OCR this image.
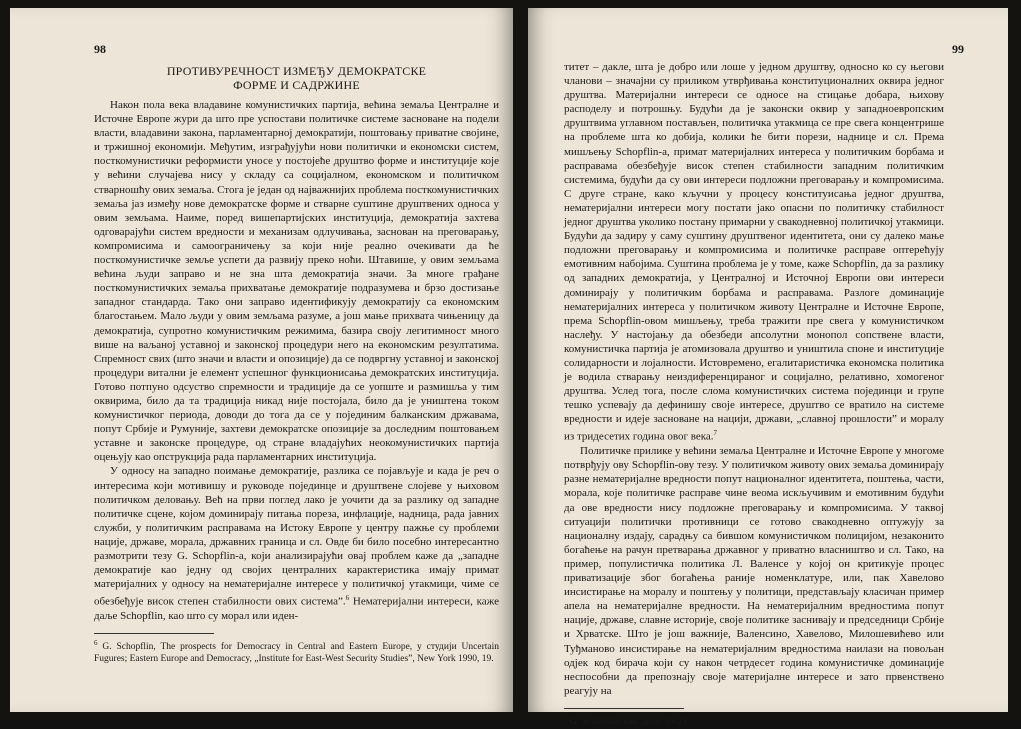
98
ПРОТИВУРЕЧНОСТ ИЗМЕЂУ ДЕМОКРАТСКЕ
ФОРМЕ И САДРЖИНЕ

Након пола века владавине комунистичких партија, већина земаља Централне и Источне Европе жури да што пре успостави политичке системе засноване на подели власти, владавини закона, парламентарној демократији, поштовању приватне својине, и тржишној економији. Међутим, изграђујући нови политички и економски систем, посткомунистички реформисти уносе у постојеће друштво форме и институције које у већини случајева нису у складу са социјалном, економском и политичком стварношћу ових земаља. Стога је један од најважнијих проблема посткомунистичких земаља јаз између нове демократске форме и стварне суштине друштвених односа у овим земљама. Наиме, поред вишепартијских институција, демократија захтева одговарајући систем вредности и механизам одлучивања, заснован на преговарању, компромисима и самоограничењу за који није реално очекивати да ће посткомунистичке земље успети да развију преко ноћи. Штавише, у овим земљама већина људи заправо и не зна шта демократија значи. За многе грађане посткомунистичких земаља прихватање демократије подразумева и брзо достизање западног стандарда. Тако они заправо идентификују демократију са економским благостањем. Мало људи у овим земљама разуме, а још мање прихвата чињеницу да демократија, супротно комунистичким режимима, базира своју легитимност много више на ваљаној уставној и законској процедури него на економским резултатима. Спремност свих (што значи и власти и опозиције) да се подвргну уставној и законској процедури витални је елемент успешног функционисања демократских институција. Готово потпуно одсуство спремности и традиције да се уопште и размишља у тим оквирима, било да та традиција никад није постојала, било да је уништена током комунистичког периода, доводи до тога да се у појединим балканским државама, попут Србије и Румуније, захтеви демократске опозиције за доследним поштовањем уставне и законске процедуре, од стране владајућих неокомунистичких партија оцењују као опструкција рада парламентарних институција.

У односу на западно поимање демократије, разлика се појављује и када је реч о интересима који мотивишу и руководе појединце и друштвене слојеве у њиховом политичком деловању. Већ на први поглед лако је уочити да за разлику од западне политичке сцене, којом доминирају питања пореза, инфлације, надница, рада јавних служби, у политичким расправама на Истоку Европе у центру пажње су проблеми нације, државе, морала, државних граница и сл. Овде би било посебно интересантно размотрити тезу G. Schopflin-а, који анализирајући овај проблем каже да „западне демократије као једну од својих централних карактеристика имају примат материјалних у односу на нематеријалне интересе у политичкој утакмици, чиме се обезбеђује висок степен стабилности ових система”.$^6$ Нематеријални интереси, каже даље Schopflin, као што су морал или иден-

$^6$ G. Schopflin, The prospects for Democracy in Central and Eastern Europe, у студији Uncertain Fugures; Eastern Europe and Democracy, „Institute for East-West Security Studies”, New York 1990, 19.

99

титет – дакле, шта је добро или лоше у једном друштву, односно ко су његови чланови – значајни су приликом утврђивања конституционалних оквира једног друштва. Материјални интереси се односе на стицање добара, њихову расподелу и потрошњу. Будући да је законски оквир у западноевропским друштвима углавном постављен, политичка утакмица се пре свега концентрише на проблеме шта ко добија, колики ће бити порези, наднице и сл. Према мишљењу Schopflin-а, примат материјалних интереса у политичким борбама и расправама обезбеђује висок степен стабилности западним политичким системима, будући да су ови интереси подложни преговарању и компромисима. С друге стране, како кључни у процесу конституисања једног друштва, нематеријални интереси могу постати јако опасни по политичку стабилност једног друштва уколико постану примарни у свакодневној политичкој утакмици. Будући да задиру у саму суштину друштвеног идентитета, они су далеко мање подложни преговарању и компромисима и политичке расправе оптерећују емотивним набојима. Суштина проблема је у томе, каже Schopflin, да за разлику од западних демократија, у Централној и Источној Европи ови интереси доминирају у политичким борбама и расправама. Разлоге доминације нематеријалних интереса у политичком животу Централне и Источне Европе, према Schopflin-овом мишљењу, треба тражити пре свега у комунистичком наслеђу. У настојању да обезбеди апсолутни монопол сопствене власти, комунистичка партија је атомизовала друштво и уништила споне и институције солидарности и лојалности. Истовремено, егалитаристичка економска политика је водила стварању неиздиференцираног и социјално, релативно, хомогеног друштва. Услед тога, после слома комунистичких система појединци и групе тешко успевају да дефинишу своје интересе, друштво се вратило на системе вредности и идеје засноване на нацији, држави, „славној прошлости” и моралу из тридесетих година овог века.$^7$

Политичке прилике у већини земаља Централне и Источне Европе у многоме потврђују ову Schopflin-ову тезу. У политичком животу ових земаља доминирају разне нематеријалне вредности попут националног идентитета, поштења, части, морала, које политичке расправе чине веома искључивим и емотивним будући да ове вредности нису подложне преговарању и компромисима. У таквој ситуацији политички противници се готово свакодневно оптужују за националну издају, сарадњу са бившом комунистичком полицијом, незаконито богаћење на рачун претварања државног у приватно власништво и сл. Тако, на пример, популистичка политика Л. Валенсе у којој он критикује процес приватизације због богаћења раније номенклатуре, или, пак Хавелово инсистирање на моралу и поштењу у политици, представљају класичан пример апела на нематеријалне вредности. На нематеријалним вредностима попут нације, државе, славне историје, своје политике заснивају и председници Србије и Хрватске. Што је још важније, Валенсино, Хавелово, Милошевићево или Туђманово инсистирање на нематеријалним вредностима наилази на повољан одјек код бирача који су након четрдесет година комунистичке доминације неспособни да препознају своје материјалне интересе и зато првенствено реагују на

$^7$ G. Schopflin, нав. дело, 19-21.
